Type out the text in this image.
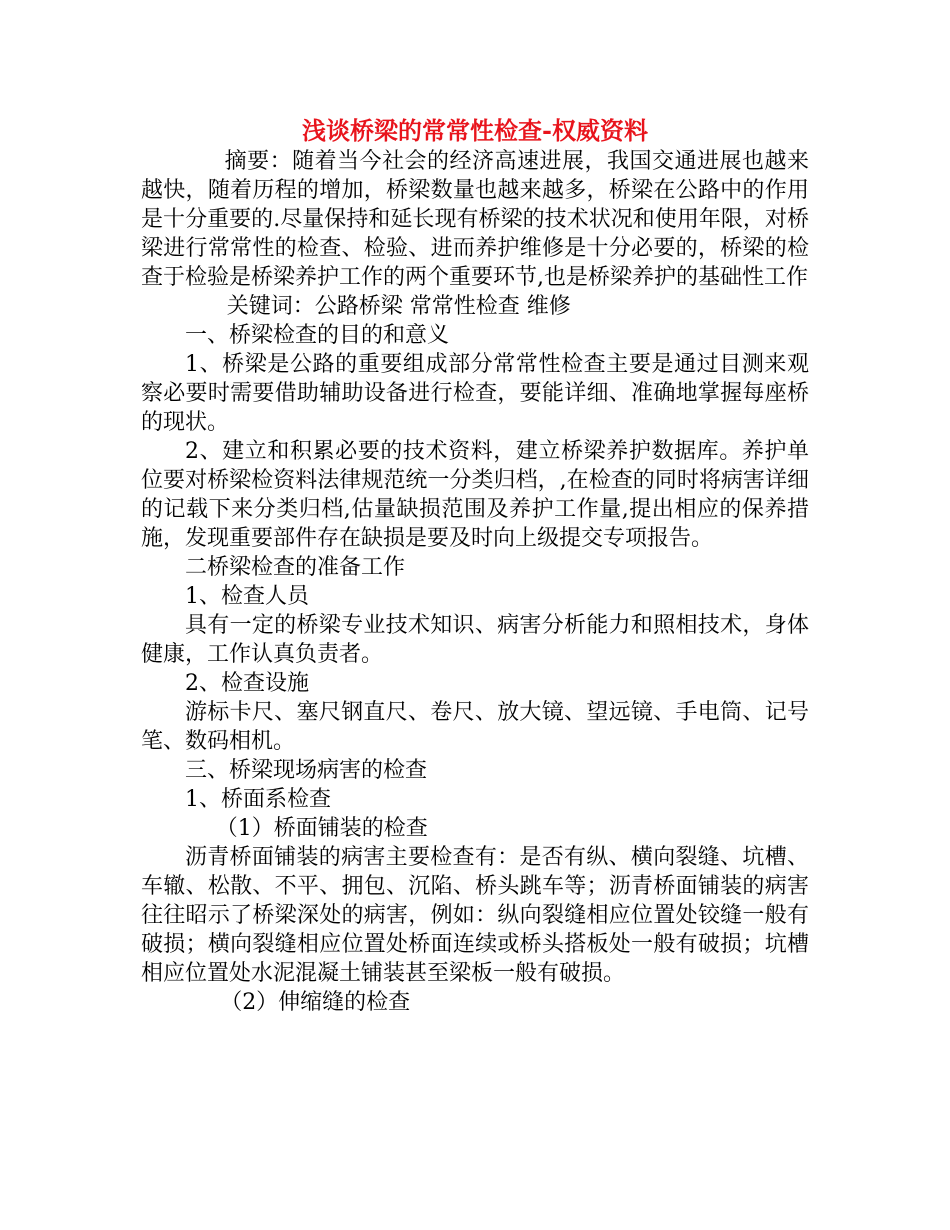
浅谈桥梁的常常性检查-权威资料

摘要：随着当今社会的经济高速进展，我国交通进展也越来越快，随着历程的增加，桥梁数量也越来越多，桥梁在公路中的作用是十分重要的.尽量保持和延长现有桥梁的技术状况和使用年限，对桥梁进行常常性的检查、检验、进而养护维修是十分必要的，桥梁的检查于检验是桥梁养护工作的两个重要环节,也是桥梁养护的基础性工作

关键词：公路桥梁 常常性检查 维修

一、桥梁检查的目的和意义

1、桥梁是公路的重要组成部分常常性检查主要是通过目测来观察必要时需要借助辅助设备进行检查，要能详细、准确地掌握每座桥的现状。

2、建立和积累必要的技术资料，建立桥梁养护数据库。养护单位要对桥梁检资料法律规范统一分类归档，,在检查的同时将病害详细的记载下来分类归档,估量缺损范围及养护工作量,提出相应的保养措施，发现重要部件存在缺损是要及时向上级提交专项报告。

二桥梁检查的准备工作

1、检查人员

具有一定的桥梁专业技术知识、病害分析能力和照相技术，身体健康，工作认真负责者。

2、检查设施

游标卡尺、塞尺钢直尺、卷尺、放大镜、望远镜、手电筒、记号笔、数码相机。

三、桥梁现场病害的检查

1、桥面系检查

（1）桥面铺装的检查

沥青桥面铺装的病害主要检查有：是否有纵、横向裂缝、坑槽、车辙、松散、不平、拥包、沉陷、桥头跳车等；沥青桥面铺装的病害往往昭示了桥梁深处的病害，例如：纵向裂缝相应位置处铰缝一般有破损；横向裂缝相应位置处桥面连续或桥头搭板处一般有破损；坑槽相应位置处水泥混凝土铺装甚至梁板一般有破损。

（2）伸缩缝的检查
